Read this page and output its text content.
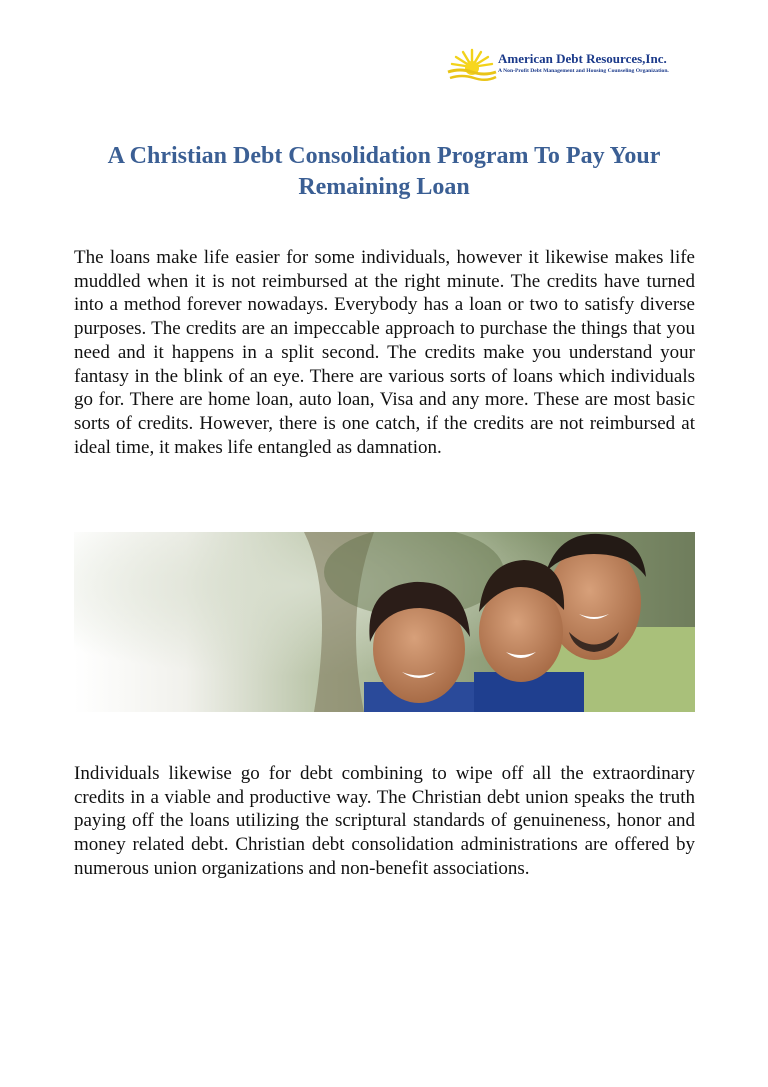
American Debt Resources,Inc.
A Non-Profit Debt Management and Housing Counseling Organization.
A Christian Debt Consolidation Program To Pay Your Remaining Loan

The loans make life easier for some individuals, however it likewise makes life muddled when it is not reimbursed at the right minute. The credits have turned into a method forever nowadays. Everybody has a loan or two to satisfy diverse purposes. The credits are an impeccable approach to purchase the things that you need and it happens in a split second. The credits make you understand your fantasy in the blink of an eye. There are various sorts of loans which individuals go for. There are home loan, auto loan, Visa and any more. These are most basic sorts of credits. However, there is one catch, if the credits are not reimbursed at ideal time, it makes life entangled as damnation.

Individuals likewise go for debt combining to wipe off all the extraordinary credits in a viable and productive way. The Christian debt union speaks the truth paying off the loans utilizing the scriptural standards of genuineness, honor and money related debt. Christian debt consolidation administrations are offered by numerous union organizations and non-benefit associations.
